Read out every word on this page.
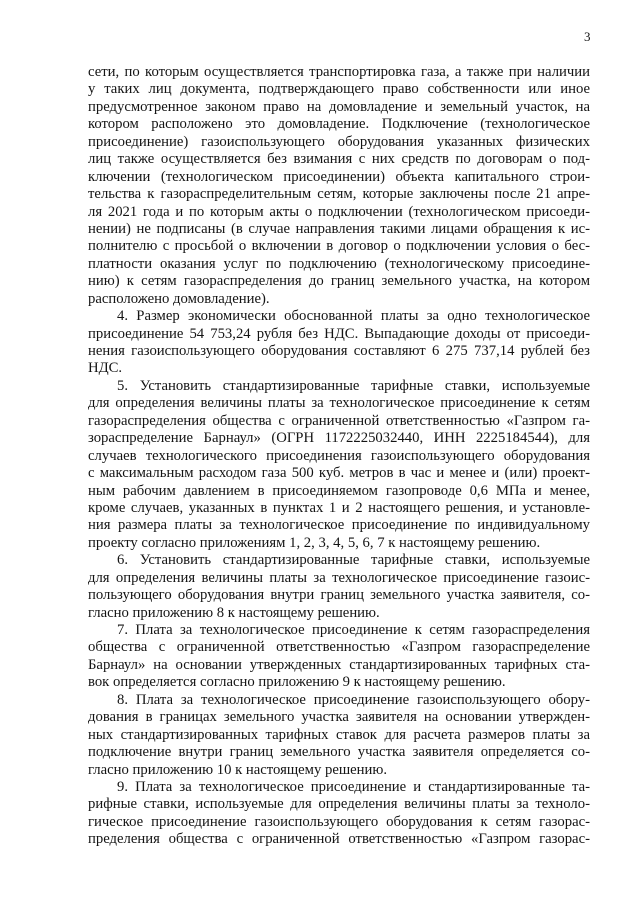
3
сети, по которым осуществляется транспортировка газа, а также при наличии
у таких лиц документа, подтверждающего право собственности или иное
предусмотренное законом право на домовладение и земельный участок, на
котором расположено это домовладение. Подключение (технологическое
присоединение) газоиспользующего оборудования указанных физических
лиц также осуществляется без взимания с них средств по договорам о под-
ключении (технологическом присоединении) объекта капитального строи-
тельства к газораспределительным сетям, которые заключены после 21 апре-
ля 2021 года и по которым акты о подключении (технологическом присоеди-
нении) не подписаны (в случае направления такими лицами обращения к ис-
полнителю с просьбой о включении в договор о подключении условия о бес-
платности оказания услуг по подключению (технологическому присоедине-
нию) к сетям газораспределения до границ земельного участка, на котором
расположено домовладение).
4. Размер экономически обоснованной платы за одно технологическое
присоединение 54 753,24 рубля без НДС. Выпадающие доходы от присоеди-
нения газоиспользующего оборудования составляют 6 275 737,14 рублей без
НДС.
5. Установить стандартизированные тарифные ставки, используемые
для определения величины платы за технологическое присоединение к сетям
газораспределения общества с ограниченной ответственностью «Газпром га-
зораспределение Барнаул» (ОГРН 1172225032440, ИНН 2225184544), для
случаев технологического присоединения газоиспользующего оборудования
с максимальным расходом газа 500 куб. метров в час и менее и (или) проект-
ным рабочим давлением в присоединяемом газопроводе 0,6 МПа и менее,
кроме случаев, указанных в пунктах 1 и 2 настоящего решения, и установле-
ния размера платы за технологическое присоединение по индивидуальному
проекту согласно приложениям 1, 2, 3, 4, 5, 6, 7 к настоящему решению.
6. Установить стандартизированные тарифные ставки, используемые
для определения величины платы за технологическое присоединение газоис-
пользующего оборудования внутри границ земельного участка заявителя, со-
гласно приложению 8 к настоящему решению.
7. Плата за технологическое присоединение к сетям газораспределения
общества с ограниченной ответственностью «Газпром газораспределение
Барнаул» на основании утвержденных стандартизированных тарифных ста-
вок определяется согласно приложению 9 к настоящему решению.
8. Плата за технологическое присоединение газоиспользующего обору-
дования в границах земельного участка заявителя на основании утвержден-
ных стандартизированных тарифных ставок для расчета размеров платы за
подключение внутри границ земельного участка заявителя определяется со-
гласно приложению 10 к настоящему решению.
9. Плата за технологическое присоединение и стандартизированные та-
рифные ставки, используемые для определения величины платы за техноло-
гическое присоединение газоиспользующего оборудования к сетям газорас-
пределения общества с ограниченной ответственностью «Газпром газорас-
